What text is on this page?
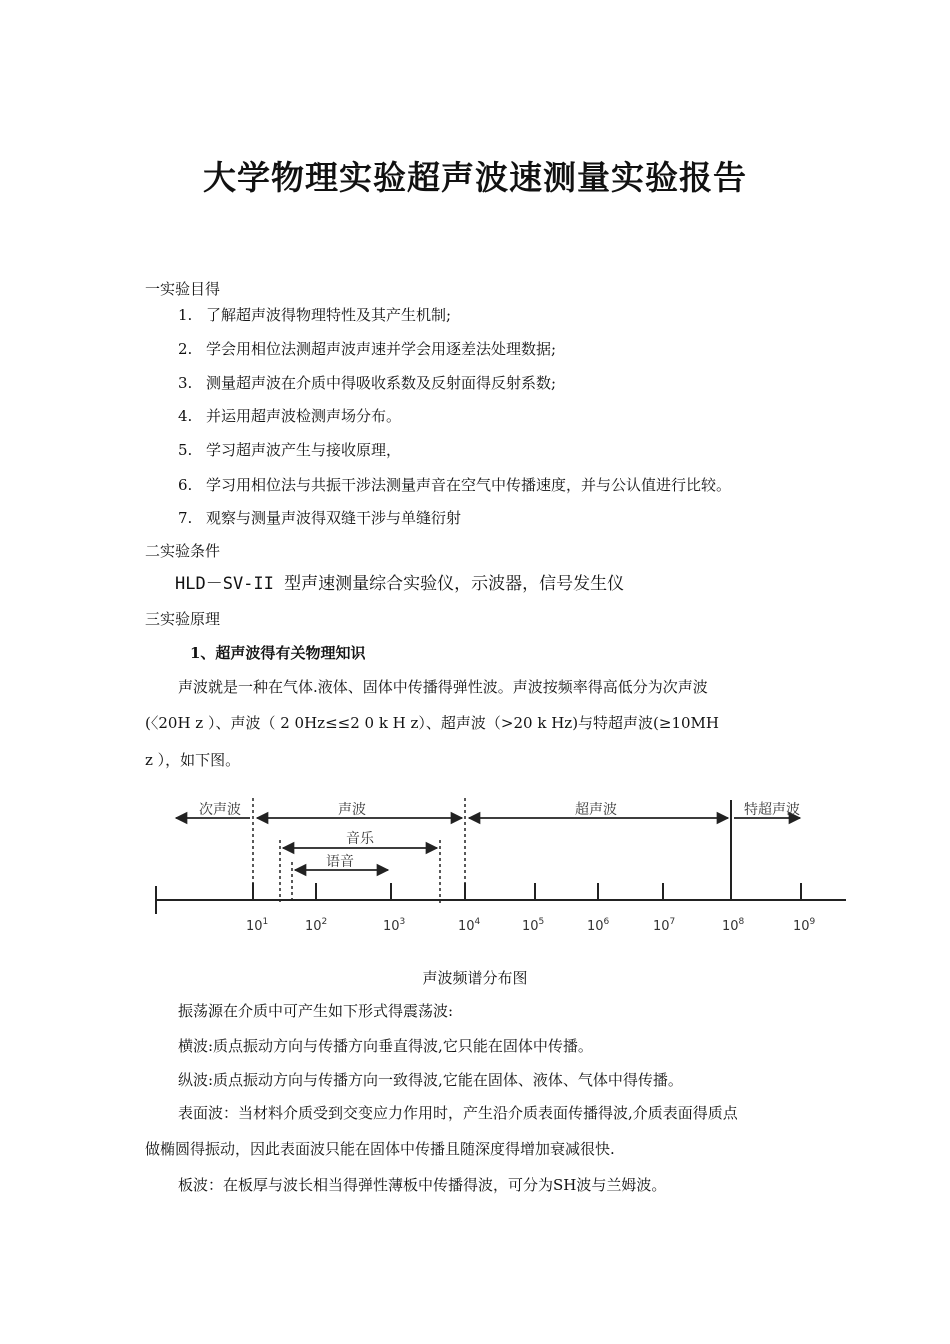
大学物理实验超声波速测量实验报告
一实验目得
1. 了解超声波得物理特性及其产生机制;
2. 学会用相位法测超声波声速并学会用逐差法处理数据;
3. 测量超声波在介质中得吸收系数及反射面得反射系数;
4. 并运用超声波检测声场分布。
5. 学习超声波产生与接收原理，
6. 学习用相位法与共振干涉法测量声音在空气中传播速度，并与公认值进行比较。
7. 观察与测量声波得双缝干涉与单缝衍射
二实验条件
HLD－SV-II 型声速测量综合实验仪，示波器，信号发生仪
三实验原理
1、超声波得有关物理知识
声波就是一种在气体.液体、固体中传播得弹性波。声波按频率得高低分为次声波
(〈20H z ）、声波（ 2 0Hz≤≤2 0 k H z）、超声波（>20 k Hz)与特超声波(≥10MH
z ），如下图。
次声波	声波	超声波	特超声波
音乐
语音
$10^1$	$10^2$	$10^3$	$10^4$	$10^5$	$10^6$	$10^7$	$10^8$	$10^9$
声波频谱分布图
振荡源在介质中可产生如下形式得震荡波:
横波:质点振动方向与传播方向垂直得波,它只能在固体中传播。
纵波:质点振动方向与传播方向一致得波,它能在固体、液体、气体中得传播。
表面波：当材料介质受到交变应力作用时，产生沿介质表面传播得波,介质表面得质点
做椭圆得振动，因此表面波只能在固体中传播且随深度得增加衰减很快.
板波：在板厚与波长相当得弹性薄板中传播得波，可分为SH波与兰姆波。
